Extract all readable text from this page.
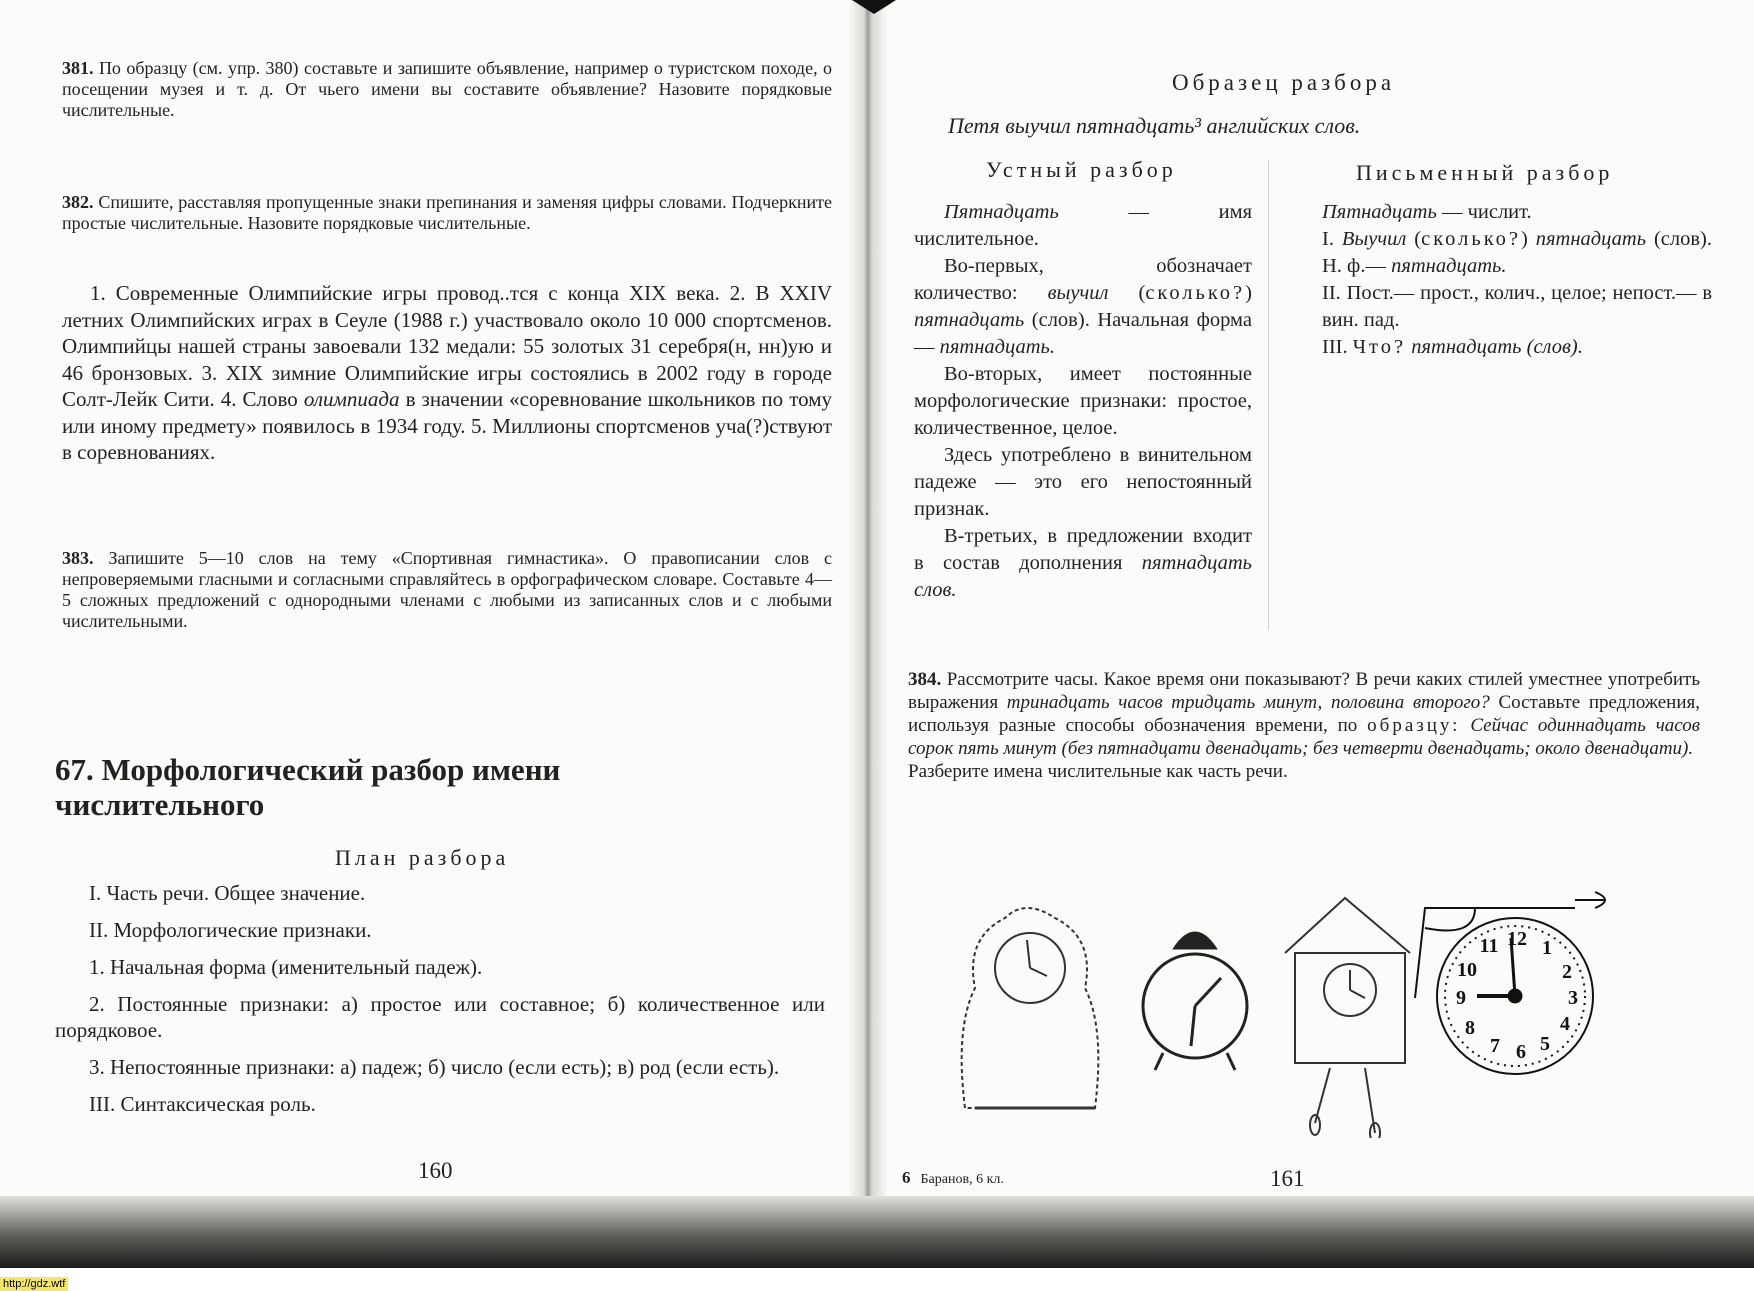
381. По образцу (см. упр. 380) составьте и запишите объявление, например о туристском походе, о посещении музея и т. д. От чьего имени вы составите объявление? Назовите порядковые числительные.
382. Спишите, расставляя пропущенные знаки препинания и заменяя цифры словами. Подчеркните простые числительные. Назовите порядковые числительные.

1. Современные Олимпийские игры провод..тся с конца XIX века. 2. В XXIV летних Олимпийских играх в Сеуле (1988 г.) участвовало около 10 000 спортсменов. Олимпийцы нашей страны завоевали 132 медали: 55 золотых 31 серебря(н, нн)ую и 46 бронзовых. 3. XIX зимние Олимпийские игры состоялись в 2002 году в городе Солт-Лейк Сити. 4. Слово олимпиада в значении «соревнование школьников по тому или иному предмету» появилось в 1934 году. 5. Миллионы спортсменов уча(?)ствуют в соревнованиях.

383. Запишите 5—10 слов на тему «Спортивная гимнастика». О правописании слов с непроверяемыми гласными и согласными справляйтесь в орфографическом словаре. Составьте 4—5 сложных предложений с однородными членами с любыми из записанных слов и с любыми числительными.
67. Морфологический разбор имени числительного
План разбора

I. Часть речи. Общее значение.

II. Морфологические признаки.

1. Начальная форма (именительный падеж).

2. Постоянные признаки: а) простое или составное; б) количественное или порядковое.

3. Непостоянные признаки: а) падеж; б) число (если есть); в) род (если есть).

III. Синтаксическая роль.

160
Образец разбора
Петя выучил пятнадцать³ английских слов.
Устный разбор	Письменный разбор

Пятнадцать — имя числительное.

Во-первых, обозначает количество: выучил (сколько?) пятнадцать (слов). Начальная форма — пятнадцать.

Во-вторых, имеет постоянные морфологические признаки: простое, количественное, целое.

Здесь употреблено в винительном падеже — это его непостоянный признак.

В-третьих, в предложении входит в состав дополнения пятнадцать слов.

Пятнадцать — числит.

I. Выучил (сколько?) пятнадцать (слов). Н. ф.— пятнадцать.

II. Пост.— прост., колич., целое; непост.— в вин. пад.

III. Что? пятнадцать (слов).

384. Рассмотрите часы. Какое время они показывают? В речи каких стилей уместнее употребить выражения тринадцать часов тридцать минут, половина второго? Составьте предложения, используя разные способы обозначения времени, по образцу: Сейчас одиннадцать часов сорок пять минут (без пятнадцати двенадцать; без четверти двенадцать; около двенадцати).
Разберите имена числительные как часть речи.
12 1
2
3
4
5
6
7
8
9
10
11
6 Баранов, 6 кл.	161
http://gdz.wtf
